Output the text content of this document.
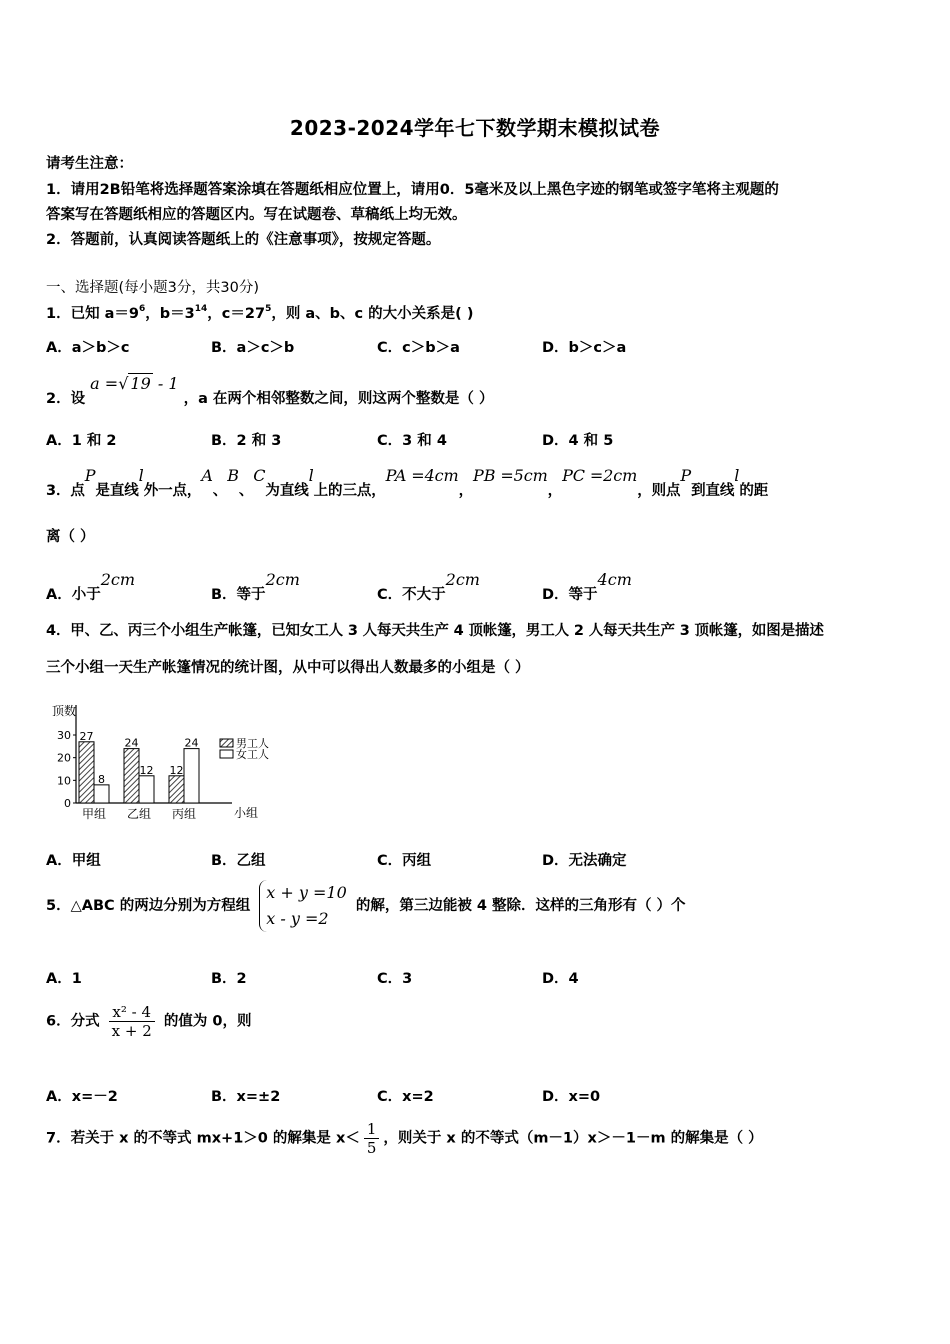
2023-2024学年七下数学期末模拟试卷
请考生注意：
1．请用2B铅笔将选择题答案涂填在答题纸相应位置上，请用0．5毫米及以上黑色字迹的钢笔或签字笔将主观题的
答案写在答题纸相应的答题区内。写在试题卷、草稿纸上均无效。
2．答题前，认真阅读答题纸上的《注意事项》，按规定答题。
一、选择题(每小题3分，共30分)
1．已知 $a=9^6$，$b=3^{14}$，$c=27^5$，则 a、b、c 的大小关系是( )
A．a＞b＞c	B．a＞c＞b	C．c＞b＞a	D．b＞c＞a
2．设 a =√ 19 - 1 ，a 在两个相邻整数之间，则这两个整数是（ ）
A．1 和 2	B．2 和 3	C．3 和 4	D．4 和 5
3．点P是直线l外一点，A、B、C为直线l上的三点，PA =4cm，PB =5cm，PC =2cm，则点P到直线l的距
离（ ）
A．小于2cm
B．等于2cm
C．不大于2cm
D．等于4cm
4．甲、乙、丙三个小组生产帐篷，已知女工人 3 人每天共生产 4 顶帐篷，男工人 2 人每天共生产 3 顶帐篷，如图是描述
三个小组一天生产帐篷情况的统计图，从中可以得出人数最多的小组是（ ）
顶数
小组
0
10
20
30 27
8
甲组
24
12
乙组
12
24
丙组
男工人
女工人
A．甲组	B．乙组	C．丙组	D．无法确定
5．△ABC 的两边分别为方程组
x + y =10
x - y =2
的解，第三边能被 4 整除．这样的三角形有（ ）个
A．1	B．2	C．3	D．4
6．分式 $\frac{\text{x² - 4}}{x + 2}$ 的值为 0，则
A．x=－2	B．x=±2	C．x=2	D．x=0
7．若关于 x 的不等式 mx+1＞0 的解集是 $x< \frac{1}{5}$ ，则关于 x 的不等式（m－1）x＞－1－m 的解集是（ ）
